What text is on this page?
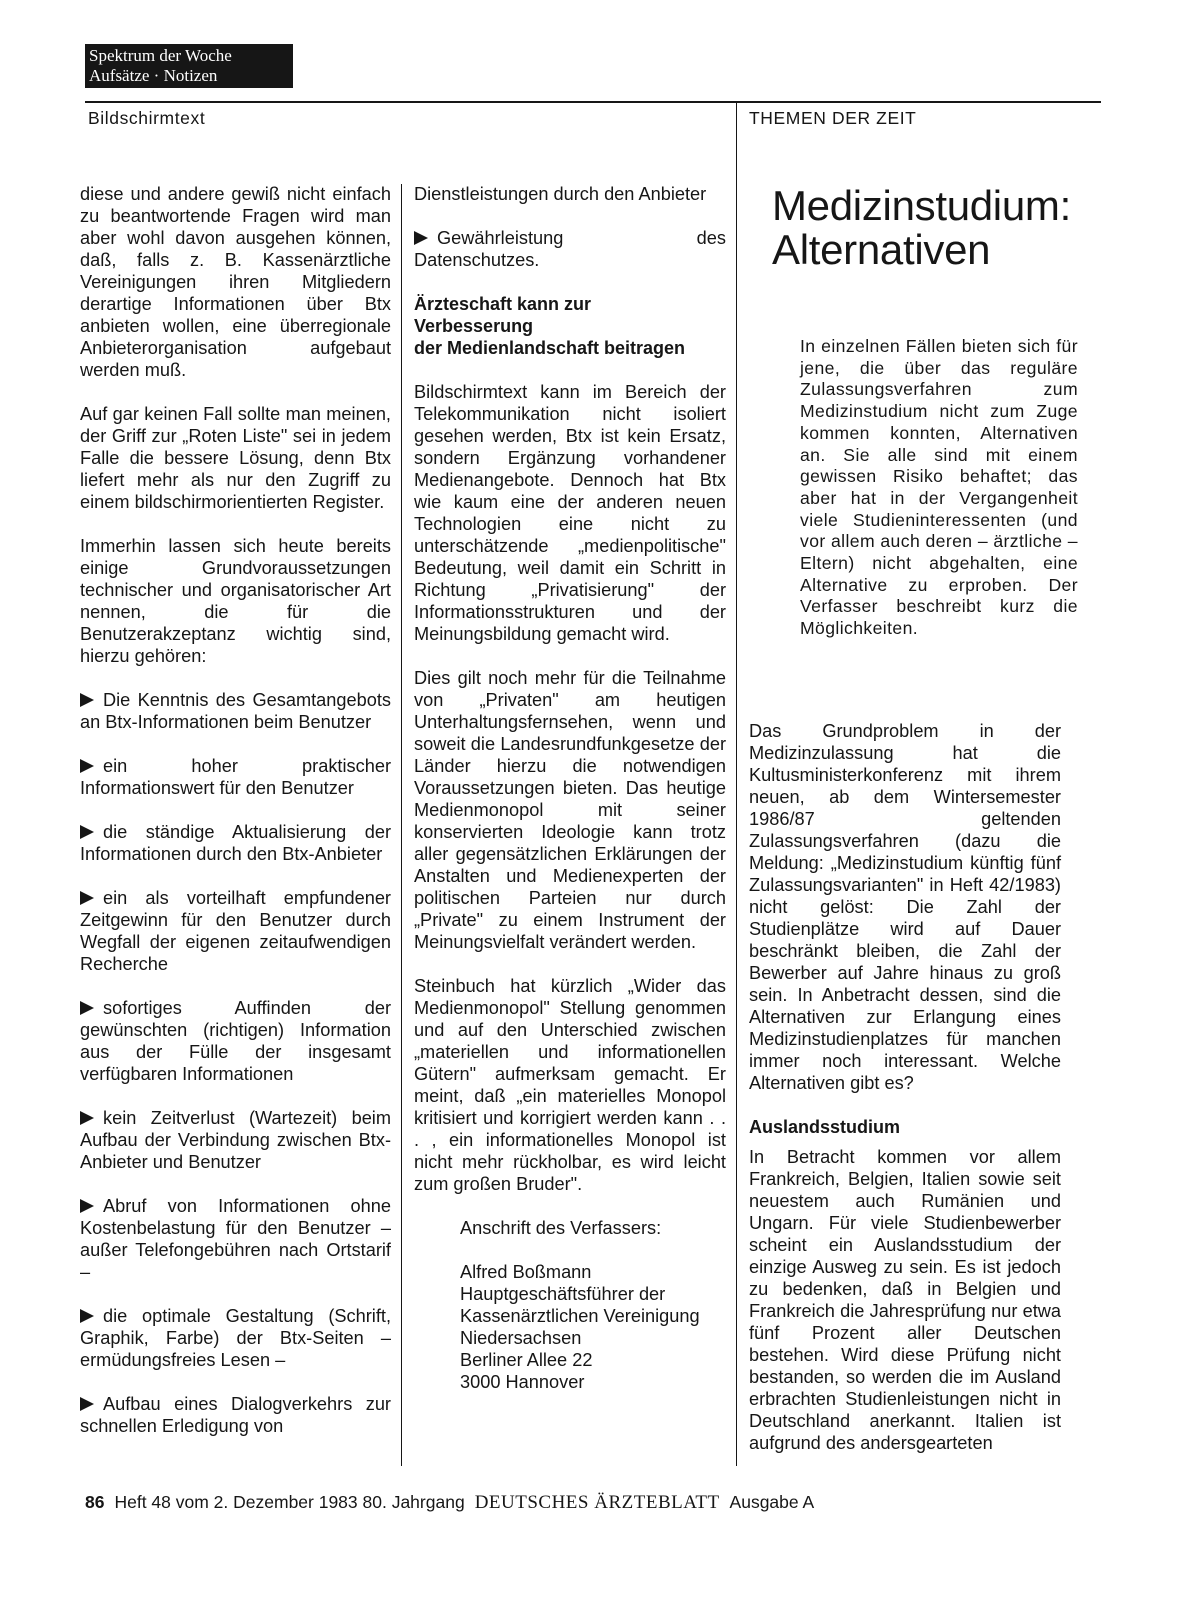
Spektrum der Woche
Aufsätze · Notizen
Bildschirmtext	THEMEN DER ZEIT

diese und andere gewiß nicht einfach zu beantwortende Fragen wird man aber wohl davon ausgehen können, daß, falls z. B. Kassenärztliche Vereinigungen ihren Mitgliedern derartige Informationen über Btx anbieten wollen, eine überregionale Anbieterorganisation aufgebaut werden muß.

Auf gar keinen Fall sollte man meinen, der Griff zur „Roten Liste" sei in jedem Falle die bessere Lösung, denn Btx liefert mehr als nur den Zugriff zu einem bildschirmorientierten Register.

Immerhin lassen sich heute bereits einige Grundvoraussetzungen technischer und organisatorischer Art nennen, die für die Benutzerakzeptanz wichtig sind, hierzu gehören:

Die Kenntnis des Gesamtangebots an Btx-Informationen beim Benutzer

ein hoher praktischer Informationswert für den Benutzer

die ständige Aktualisierung der Informationen durch den Btx-Anbieter

ein als vorteilhaft empfundener Zeitgewinn für den Benutzer durch Wegfall der eigenen zeitaufwendigen Recherche

sofortiges Auffinden der gewünschten (richtigen) Information aus der Fülle der insgesamt verfügbaren Informationen

kein Zeitverlust (Wartezeit) beim Aufbau der Verbindung zwischen Btx-Anbieter und Benutzer

Abruf von Informationen ohne Kostenbelastung für den Benutzer – außer Telefongebühren nach Ortstarif –

die optimale Gestaltung (Schrift, Graphik, Farbe) der Btx-Seiten – ermüdungsfreies Lesen –

Aufbau eines Dialogverkehrs zur schnellen Erledigung von

Dienstleistungen durch den Anbieter

Gewährleistung des Datenschutzes.

Ärzteschaft kann zur
Verbesserung
der Medienlandschaft beitragen

Bildschirmtext kann im Bereich der Telekommunikation nicht isoliert gesehen werden, Btx ist kein Ersatz, sondern Ergänzung vorhandener Medienangebote. Dennoch hat Btx wie kaum eine der anderen neuen Technologien eine nicht zu unterschätzende „medienpolitische" Bedeutung, weil damit ein Schritt in Richtung „Privatisierung" der Informationsstrukturen und der Meinungsbildung gemacht wird.

Dies gilt noch mehr für die Teilnahme von „Privaten" am heutigen Unterhaltungsfernsehen, wenn und soweit die Landesrundfunkgesetze der Länder hierzu die notwendigen Voraussetzungen bieten. Das heutige Medienmonopol mit seiner konservierten Ideologie kann trotz aller gegensätzlichen Erklärungen der Anstalten und Medienexperten der politischen Parteien nur durch „Private" zu einem Instrument der Meinungsvielfalt verändert werden.

Steinbuch hat kürzlich „Wider das Medienmonopol" Stellung genommen und auf den Unterschied zwischen „materiellen und informationellen Gütern" aufmerksam gemacht. Er meint, daß „ein materielles Monopol kritisiert und korrigiert werden kann . . . , ein informationelles Monopol ist nicht mehr rückholbar, es wird leicht zum großen Bruder".

Anschrift des Verfassers:

Alfred Boßmann
Hauptgeschäftsführer der
Kassenärztlichen Vereinigung
Niedersachsen
Berliner Allee 22
3000 Hannover
Medizinstudium:
Alternativen

In einzelnen Fällen bieten sich für jene, die über das reguläre Zulassungsverfahren zum Medizinstudium nicht zum Zuge kommen konnten, Alternativen an. Sie alle sind mit einem gewissen Risiko behaftet; das aber hat in der Vergangenheit viele Studieninteressenten (und vor allem auch deren – ärztliche – Eltern) nicht abgehalten, eine Alternative zu erproben. Der Verfasser beschreibt kurz die Möglichkeiten.

Das Grundproblem in der Medizinzulassung hat die Kultusministerkonferenz mit ihrem neuen, ab dem Wintersemester 1986/87 geltenden Zulassungsverfahren (dazu die Meldung: „Medizinstudium künftig fünf Zulassungsvarianten" in Heft 42/1983) nicht gelöst: Die Zahl der Studienplätze wird auf Dauer beschränkt bleiben, die Zahl der Bewerber auf Jahre hinaus zu groß sein. In Anbetracht dessen, sind die Alternativen zur Erlangung eines Medizinstudienplatzes für manchen immer noch interessant. Welche Alternativen gibt es?

Auslandsstudium

In Betracht kommen vor allem Frankreich, Belgien, Italien sowie seit neuestem auch Rumänien und Ungarn. Für viele Studienbewerber scheint ein Auslandsstudium der einzige Ausweg zu sein. Es ist jedoch zu bedenken, daß in Belgien und Frankreich die Jahresprüfung nur etwa fünf Prozent aller Deutschen bestehen. Wird diese Prüfung nicht bestanden, so werden die im Ausland erbrachten Studienleistungen nicht in Deutschland anerkannt. Italien ist aufgrund des andersgearteten

86 Heft 48 vom 2. Dezember 1983 80. Jahrgang DEUTSCHES ÄRZTEBLATT Ausgabe A
